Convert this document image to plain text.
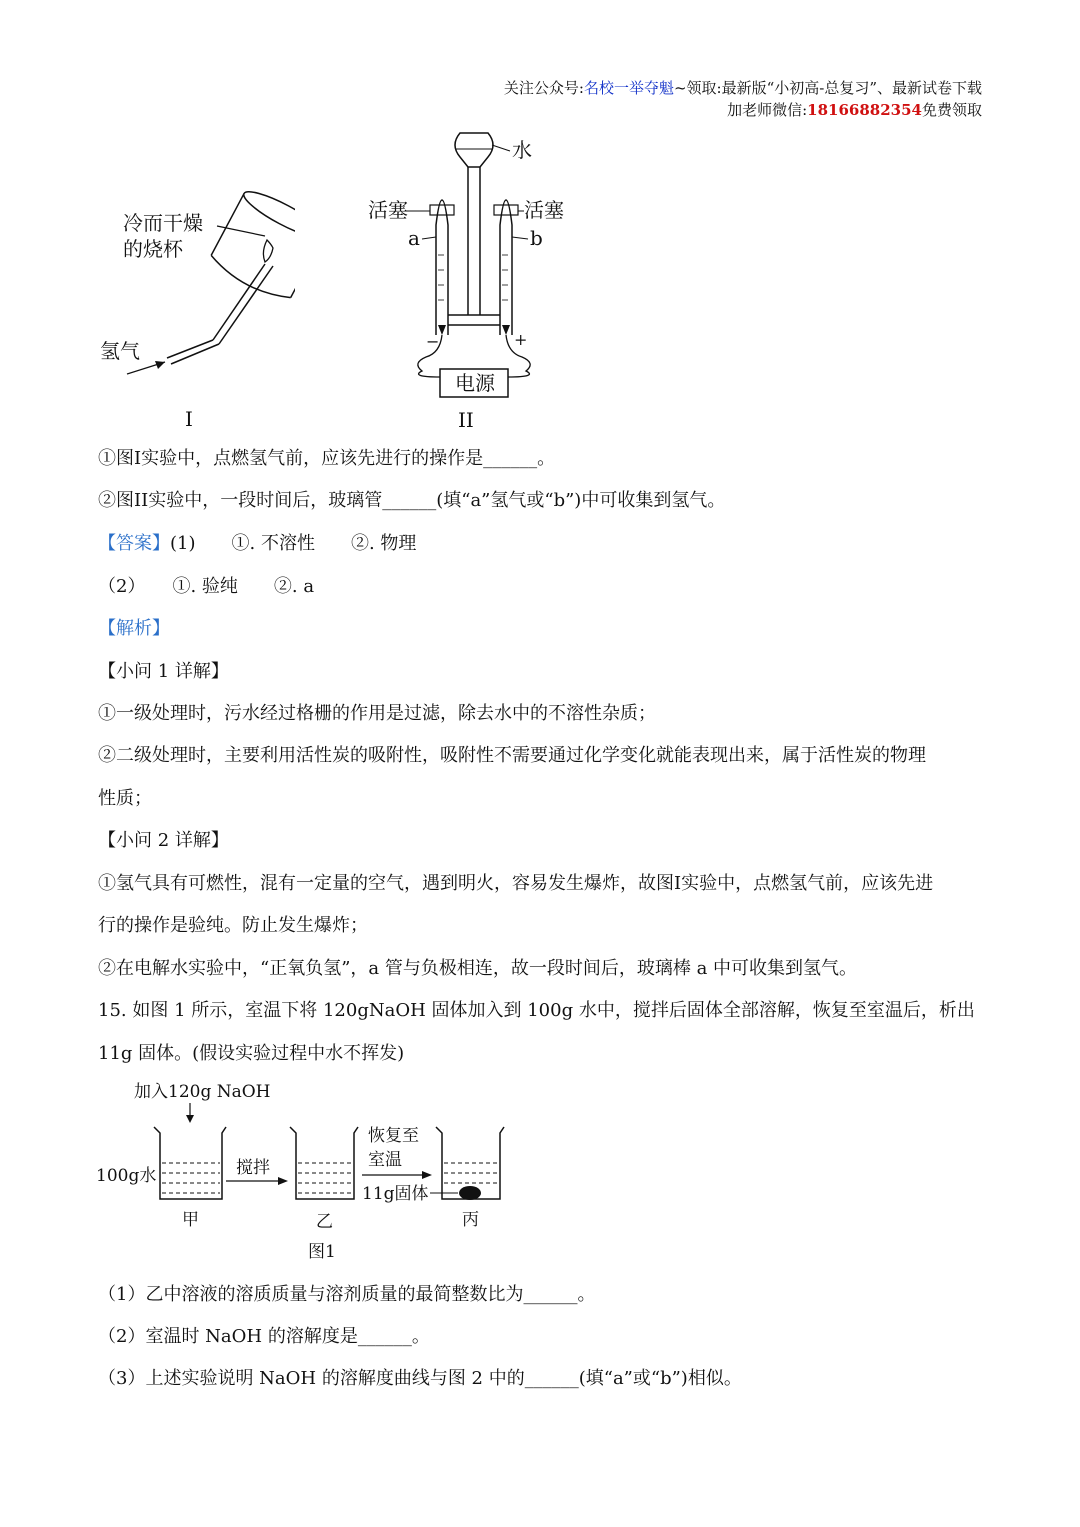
关注公众号:名校一举夺魁~领取:最新版“小初高-总复习”、最新试卷下载
加老师微信:18166882354免费领取
冷而干燥
的烧杯
氢气
I
水
活塞
a
活塞
b
−	+
电源
II
①图I实验中，点燃氢气前，应该先进行的操作是______。
②图II实验中，一段时间后，玻璃管______(填“a”氢气或“b”)中可收集到氢气。
【答案】(1)　　①. 不溶性　　②. 物理
（2）　　①. 验纯　　②. a
【解析】
【小问 1 详解】
①一级处理时，污水经过格栅的作用是过滤，除去水中的不溶性杂质；
②二级处理时，主要利用活性炭的吸附性，吸附性不需要通过化学变化就能表现出来，属于活性炭的物理
性质；
【小问 2 详解】
①氢气具有可燃性，混有一定量的空气，遇到明火，容易发生爆炸，故图I实验中，点燃氢气前，应该先进
行的操作是验纯。防止发生爆炸；
②在电解水实验中，“正氧负氢”，a 管与负极相连，故一段时间后，玻璃棒 a 中可收集到氢气。
15. 如图 1 所示，室温下将 120gNaOH 固体加入到 100g 水中，搅拌后固体全部溶解，恢复至室温后，析出
11g 固体。(假设实验过程中水不挥发)
加入120g NaOH
100g水
甲
搅拌
乙
恢复至
室温
11g固体
丙
图1
（1）乙中溶液的溶质质量与溶剂质量的最简整数比为______。
（2）室温时 NaOH 的溶解度是______。
（3）上述实验说明 NaOH 的溶解度曲线与图 2 中的______(填“a”或“b”)相似。
